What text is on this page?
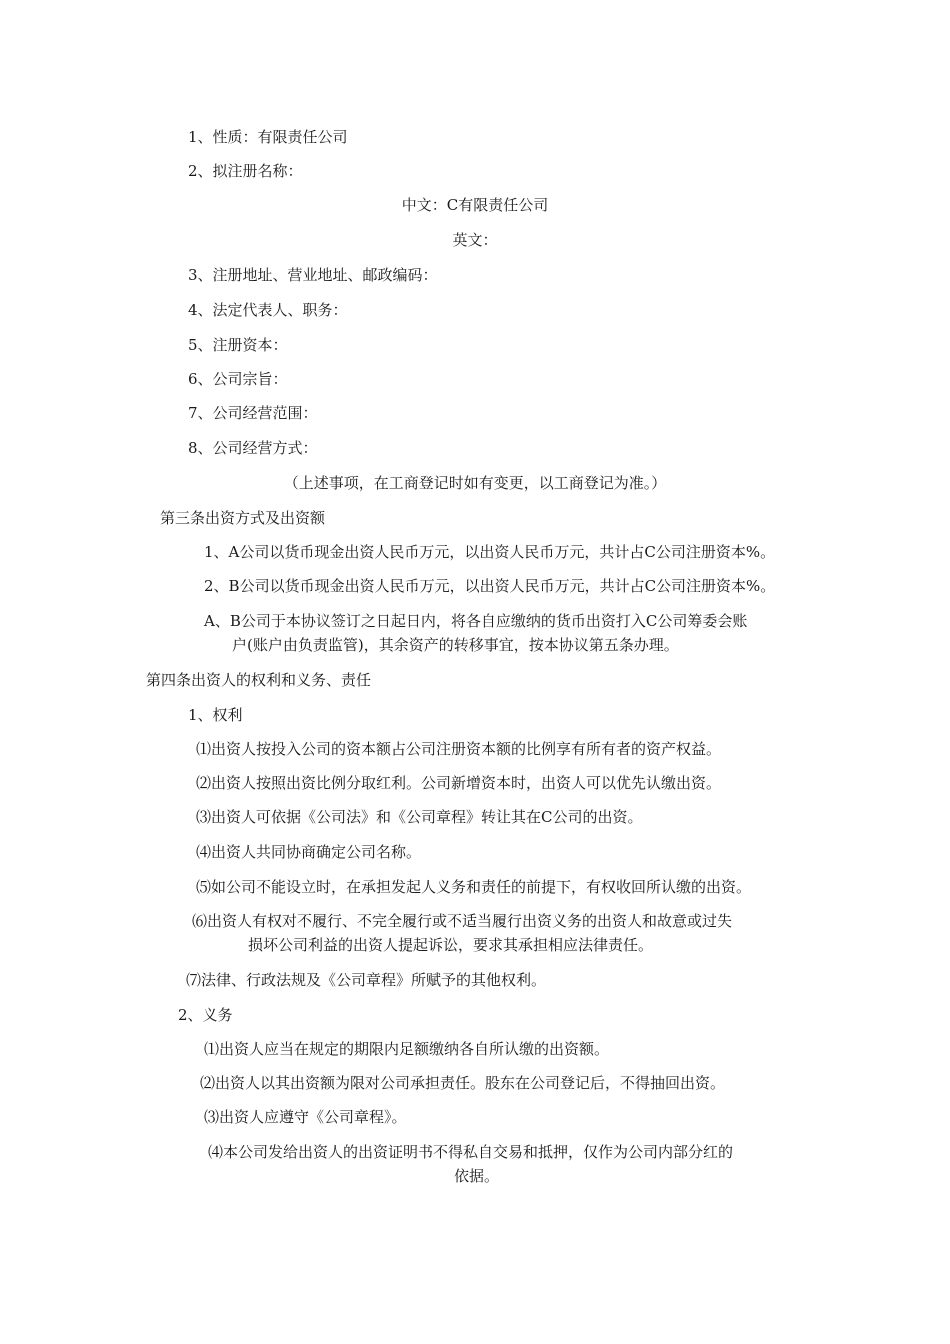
1、性质：有限责任公司
2、拟注册名称：
中文：C有限责任公司
英文：
3、注册地址、营业地址、邮政编码：
4、法定代表人、职务：
5、注册资本：
6、公司宗旨：
7、公司经营范围：
8、公司经营方式：
（上述事项，在工商登记时如有变更，以工商登记为准。）
第三条出资方式及出资额
1、A公司以货币现金出资人民币万元，以出资人民币万元，共计占C公司注册资本%。
2、B公司以货币现金出资人民币万元，以出资人民币万元，共计占C公司注册资本%。
A、B公司于本协议签订之日起日内，将各自应缴纳的货币出资打入C公司筹委会账
户(账户由负责监管)，其余资产的转移事宜，按本协议第五条办理。
第四条出资人的权利和义务、责任
1、权利
⑴出资人按投入公司的资本额占公司注册资本额的比例享有所有者的资产权益。
⑵出资人按照出资比例分取红利。公司新增资本时，出资人可以优先认缴出资。
⑶出资人可依据《公司法》和《公司章程》转让其在C公司的出资。
⑷出资人共同协商确定公司名称。
⑸如公司不能设立时，在承担发起人义务和责任的前提下，有权收回所认缴的出资。
⑹出资人有权对不履行、不完全履行或不适当履行出资义务的出资人和故意或过失
损坏公司利益的出资人提起诉讼，要求其承担相应法律责任。
⑺法律、行政法规及《公司章程》所赋予的其他权利。
2、义务
⑴出资人应当在规定的期限内足额缴纳各自所认缴的出资额。
⑵出资人以其出资额为限对公司承担责任。股东在公司登记后，不得抽回出资。
⑶出资人应遵守《公司章程》。
⑷本公司发给出资人的出资证明书不得私自交易和抵押，仅作为公司内部分红的
依据。
